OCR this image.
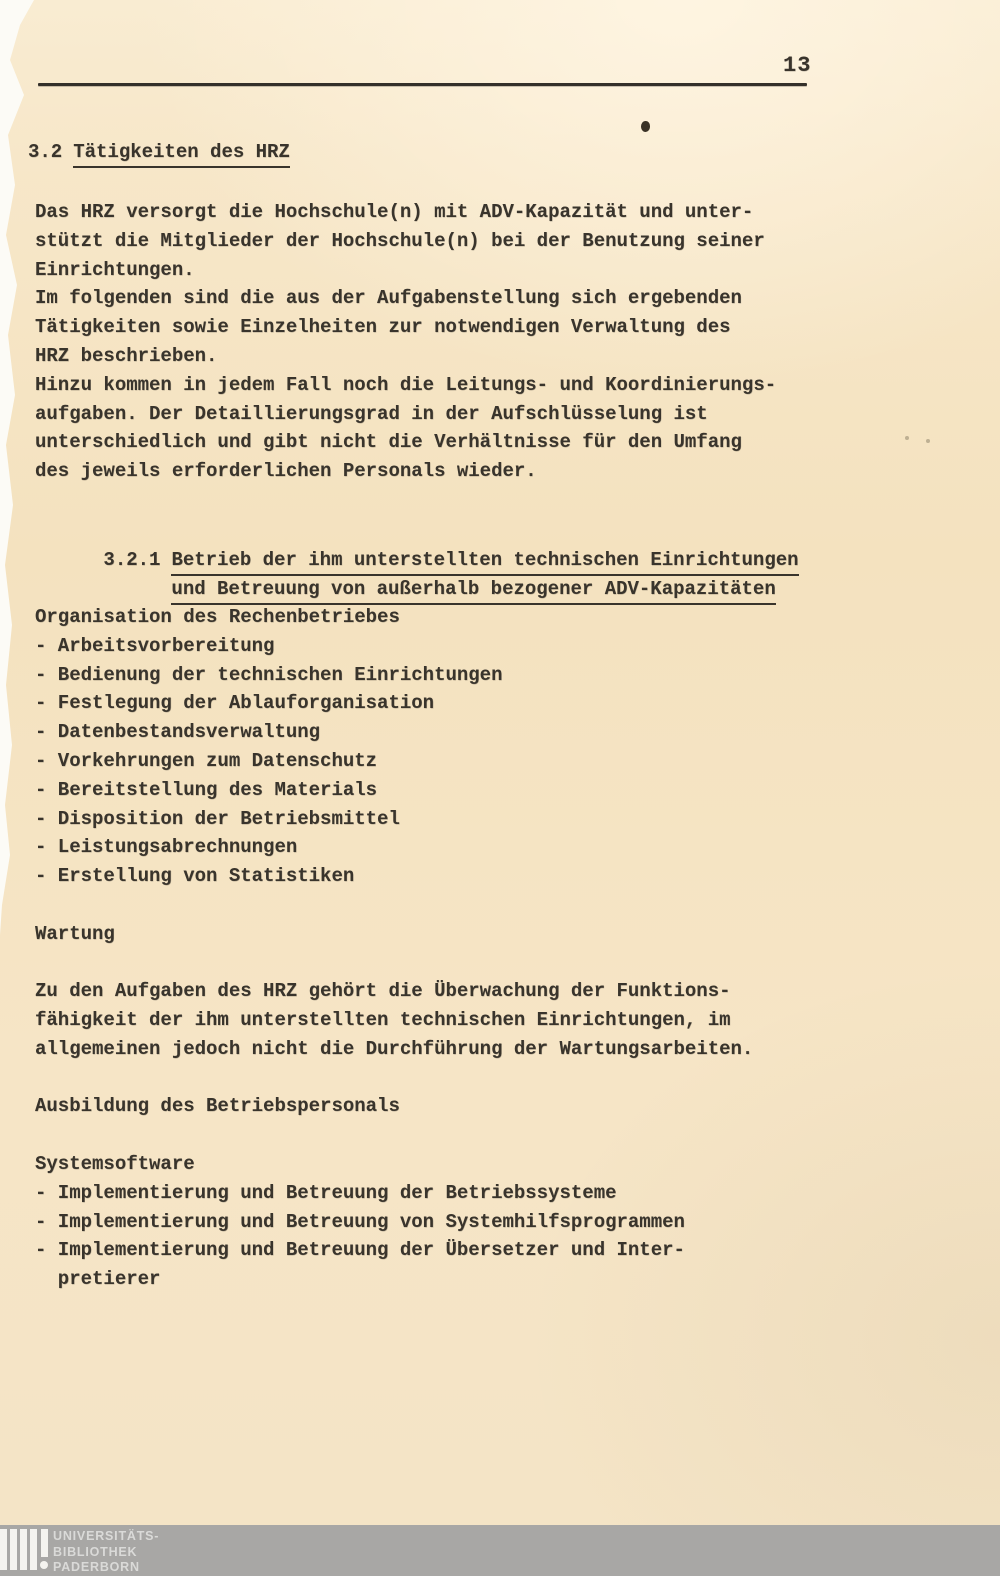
13
3.2 Tätigkeiten des HRZ
Das HRZ versorgt die Hochschule(n) mit ADV-Kapazität und unter-
stützt die Mitglieder der Hochschule(n) bei der Benutzung seiner
Einrichtungen.
Im folgenden sind die aus der Aufgabenstellung sich ergebenden
Tätigkeiten sowie Einzelheiten zur notwendigen Verwaltung des
HRZ beschrieben.
Hinzu kommen in jedem Fall noch die Leitungs- und Koordinierungs-
aufgaben. Der Detaillierungsgrad in der Aufschlüsselung ist
unterschiedlich und gibt nicht die Verhältnisse für den Umfang
des jeweils erforderlichen Personals wieder.

3.2.1 Betrieb der ihm unterstellten technischen Einrichtungen

und Betreuung von außerhalb bezogener ADV-Kapazitäten

Organisation des Rechenbetriebes
- Arbeitsvorbereitung
- Bedienung der technischen Einrichtungen
- Festlegung der Ablauforganisation
- Datenbestandsverwaltung
- Vorkehrungen zum Datenschutz
- Bereitstellung des Materials
- Disposition der Betriebsmittel
- Leistungsabrechnungen
- Erstellung von Statistiken
Wartung
Zu den Aufgaben des HRZ gehört die Überwachung der Funktions-
fähigkeit der ihm unterstellten technischen Einrichtungen, im
allgemeinen jedoch nicht die Durchführung der Wartungsarbeiten.
Ausbildung des Betriebspersonals
Systemsoftware
- Implementierung und Betreuung der Betriebssysteme
- Implementierung und Betreuung von Systemhilfsprogrammen
- Implementierung und Betreuung der Übersetzer und Inter-
pretierer
UNIVERSITÄTS-
BIBLIOTHEK
PADERBORN
